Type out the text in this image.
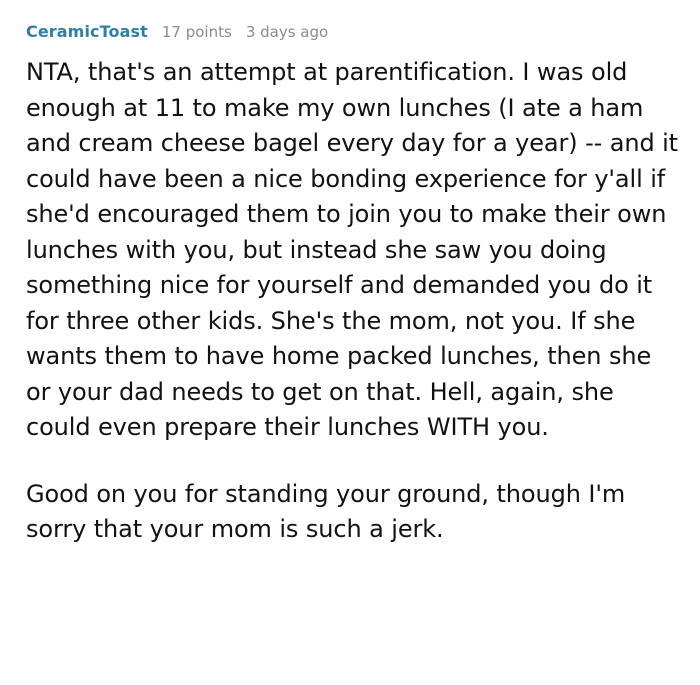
CeramicToast 17 points 3 days ago

NTA, that's an attempt at parentification. I was old enough at 11 to make my own lunches (I ate a ham and cream cheese bagel every day for a year) -- and it could have been a nice bonding experience for y'all if she'd encouraged them to join you to make their own lunches with you, but instead she saw you doing something nice for yourself and demanded you do it for three other kids. She's the mom, not you. If she wants them to have home packed lunches, then she or your dad needs to get on that. Hell, again, she could even prepare their lunches WITH you.

Good on you for standing your ground, though I'm sorry that your mom is such a jerk.
